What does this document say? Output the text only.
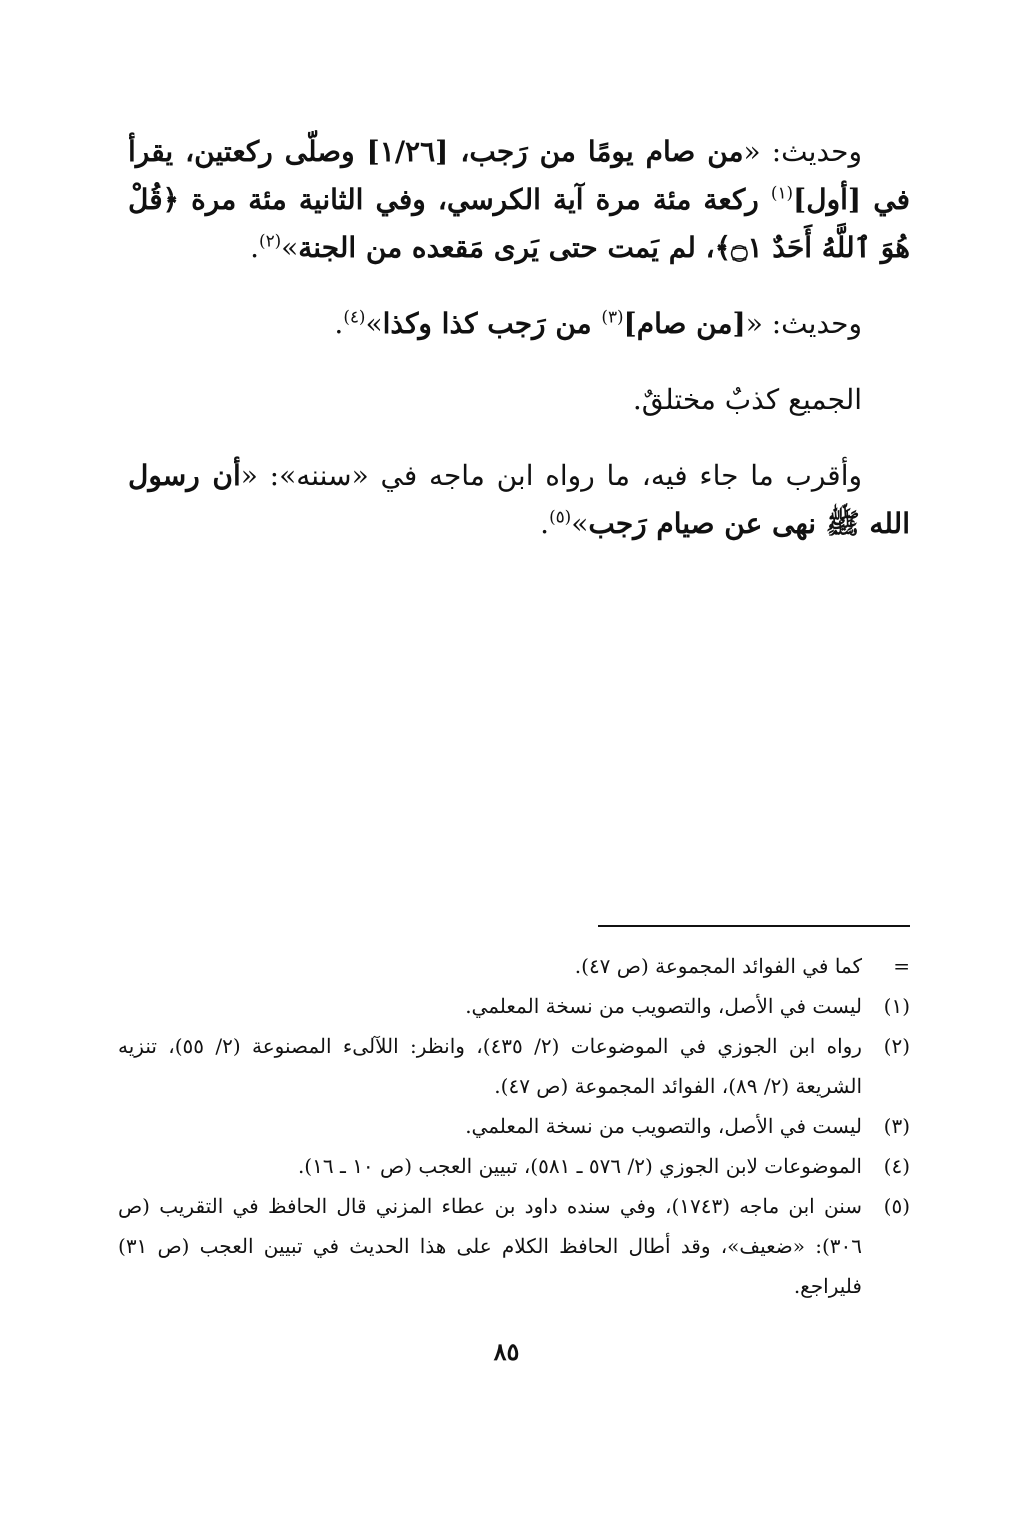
وحديث: «من صام يومًا من رَجب، [١/٢٦] وصلّى ركعتين، يقرأ في [أول]$^{(١)}$ ركعة مئة مرة آية الكرسي، وفي الثانية مئة مرة ﴿قُلْ هُوَ ٱللَّهُ أَحَدٌ ۝١﴾، لم يَمت حتى يَرى مَقعده من الجنة»$^{(٢)}$.

وحديث: «[من صام]$^{(٣)}$ من رَجب كذا وكذا»$^{(٤)}$.

الجميع كذبٌ مختلقٌ.

وأقرب ما جاء فيه، ما رواه ابن ماجه في «سننه»: «أن رسول الله ﷺ نهى عن صيام رَجب»$^{(٥)}$.

=
كما في الفوائد المجموعة (ص ٤٧).
(١)
ليست في الأصل، والتصويب من نسخة المعلمي.
(٢)
رواه ابن الجوزي في الموضوعات (٢/ ٤٣٥)، وانظر: اللآلىء المصنوعة (٢/ ٥٥)، تنزيه الشريعة (٢/ ٨٩)، الفوائد المجموعة (ص ٤٧).
(٣)
ليست في الأصل، والتصويب من نسخة المعلمي.
(٤)
الموضوعات لابن الجوزي (٢/ ٥٧٦ ـ ٥٨١)، تبيين العجب (ص ١٠ ـ ١٦).
(٥)
سنن ابن ماجه (١٧٤٣)، وفي سنده داود بن عطاء المزني قال الحافظ في التقريب (ص ٣٠٦): «ضعيف»، وقد أطال الحافظ الكلام على هذا الحديث في تبيين العجب (ص ٣١) فليراجع.
٨٥
